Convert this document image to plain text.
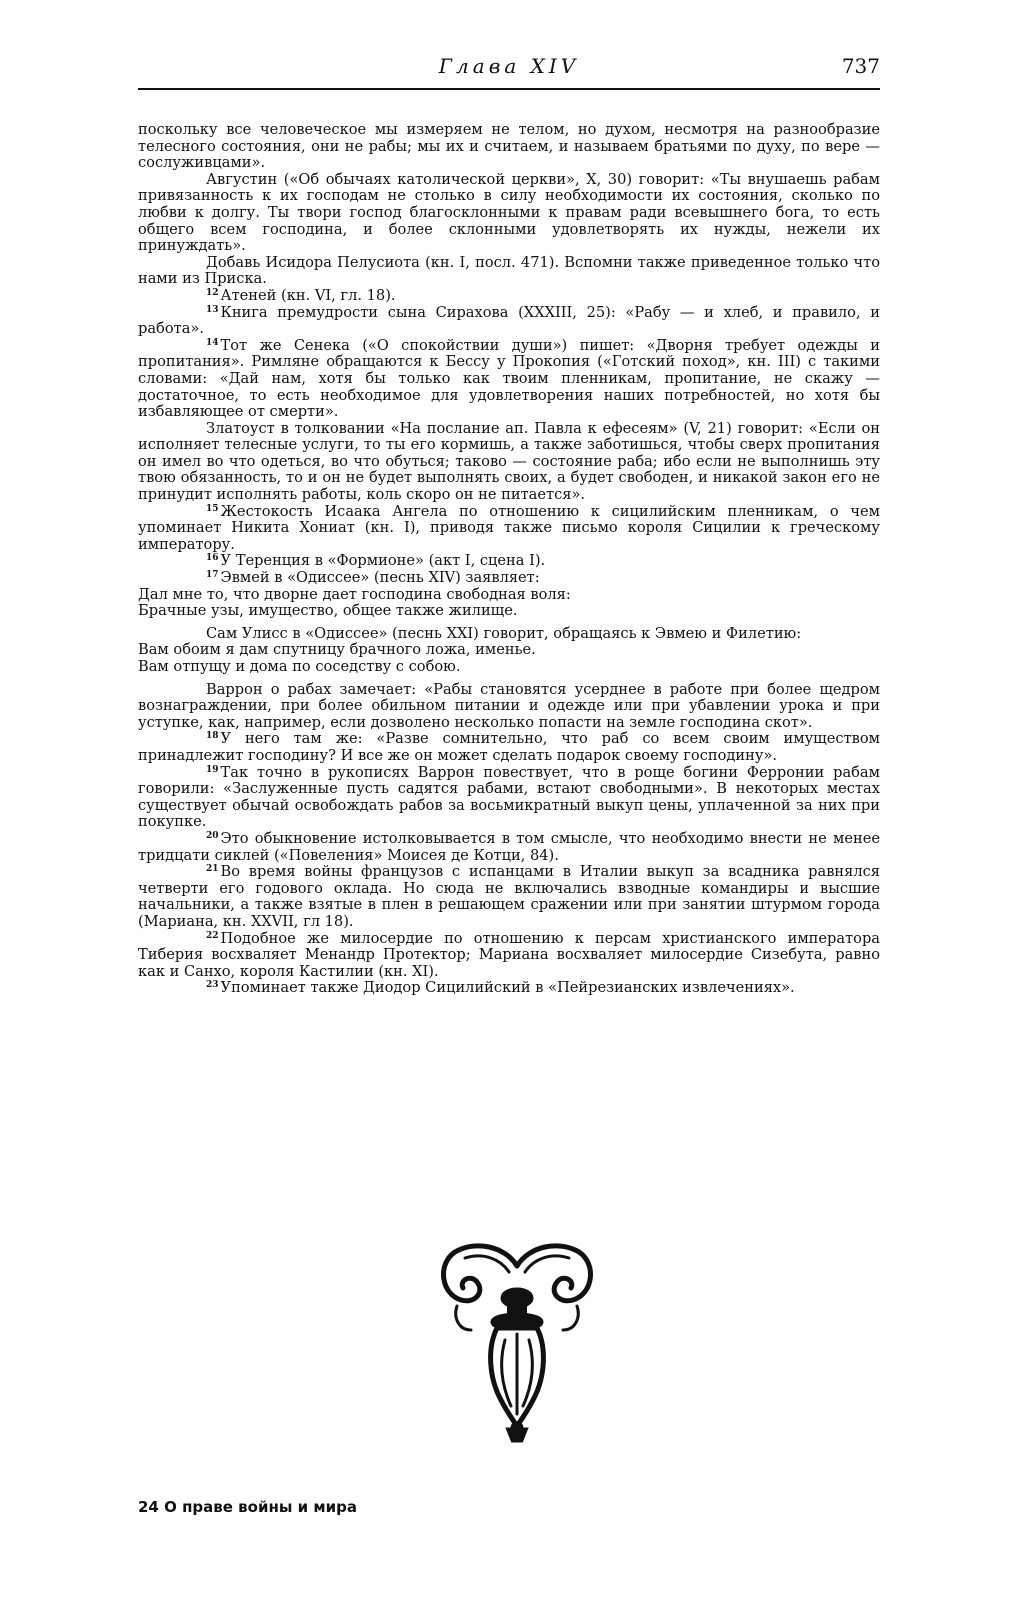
Глава XIV	737

поскольку все человеческое мы измеряем не телом, но духом, несмотря на разнообразие телесного состояния, они не рабы; мы их и считаем, и называем братьями по духу, по вере — сослуживцами».

Августин («Об обычаях католической церкви», X, 30) говорит: «Ты внушаешь рабам привязанность к их господам не столько в силу необходимости их состояния, сколько по любви к долгу. Ты твори господ благосклонными к правам ради всевышнего бога, то есть общего всем господина, и более склонными удовлетворять их нужды, нежели их принуждать».

Добавь Исидора Пелусиота (кн. I, посл. 471). Вспомни также приведенное только что нами из Приска.

$^{12}$ Атеней (кн. VI, гл. 18).

$^{13}$ Книга премудрости сына Сирахова (XXXIII, 25): «Рабу — и хлеб, и правило, и работа».

$^{14}$ Тот же Сенека («О спокойствии души») пишет: «Дворня требует одежды и пропитания». Римляне обращаются к Бессу у Прокопия («Готский поход», кн. III) с такими словами: «Дай нам, хотя бы только как твоим пленникам, пропитание, не скажу — достаточное, то есть необходимое для удовлетворения наших потребностей, но хотя бы избавляющее от смерти».

Златоуст в толковании «На послание ап. Павла к ефесеям» (V, 21) говорит: «Если он исполняет телесные услуги, то ты его кормишь, а также заботишься, чтобы сверх пропитания он имел во что одеться, во что обуться; таково — состояние раба; ибо если не выполнишь эту твою обязанность, то и он не будет выполнять своих, а будет свободен, и никакой закон его не принудит исполнять работы, коль скоро он не питается».

$^{15}$ Жестокость Исаака Ангела по отношению к сицилийским пленникам, о чем упоминает Никита Хониат (кн. I), приводя также письмо короля Сицилии к греческому императору.

$^{16}$ У Теренция в «Формионе» (акт I, сцена I).

$^{17}$ Эвмей в «Одиссее» (песнь XIV) заявляет:

Дал мне то, что дворне дает господина свободная воля:
Брачные узы, имущество, общее также жилище.

Сам Улисс в «Одиссее» (песнь XXI) говорит, обращаясь к Эвмею и Филетию:

Вам обоим я дам спутницу брачного ложа, именье.
Вам отпущу и дома по соседству с собою.

Варрон о рабах замечает: «Рабы становятся усерднее в работе при более щедром вознаграждении, при более обильном питании и одежде или при убавлении урока и при уступке, как, например, если дозволено несколько попасти на земле господина скот».

$^{18}$ У него там же: «Разве сомнительно, что раб со всем своим имуществом принадлежит господину? И все же он может сделать подарок своему господину».

$^{19}$ Так точно в рукописях Варрон повествует, что в роще богини Ферронии рабам говорили: «Заслуженные пусть садятся рабами, встают свободными». В некоторых местах существует обычай освобождать рабов за восьмикратный выкуп цены, уплаченной за них при покупке.

$^{20}$ Это обыкновение истолковывается в том смысле, что необходимо внести не менее тридцати сиклей («Повеления» Моисея де Котци, 84).

$^{21}$ Во время войны французов с испанцами в Италии выкуп за всадника равнялся четверти его годового оклада. Но сюда не включались взводные командиры и высшие начальники, а также взятые в плен в решающем сражении или при занятии штурмом города (Мариана, кн. XXVII, гл 18).

$^{22}$ Подобное же милосердие по отношению к персам христианского императора Тиберия восхваляет Менандр Протектор; Мариана восхваляет милосердие Сизебута, равно как и Санхо, короля Кастилии (кн. XI).

$^{23}$ Упоминает также Диодор Сицилийский в «Пейрезианских извлечениях».

24 О праве войны и мира
